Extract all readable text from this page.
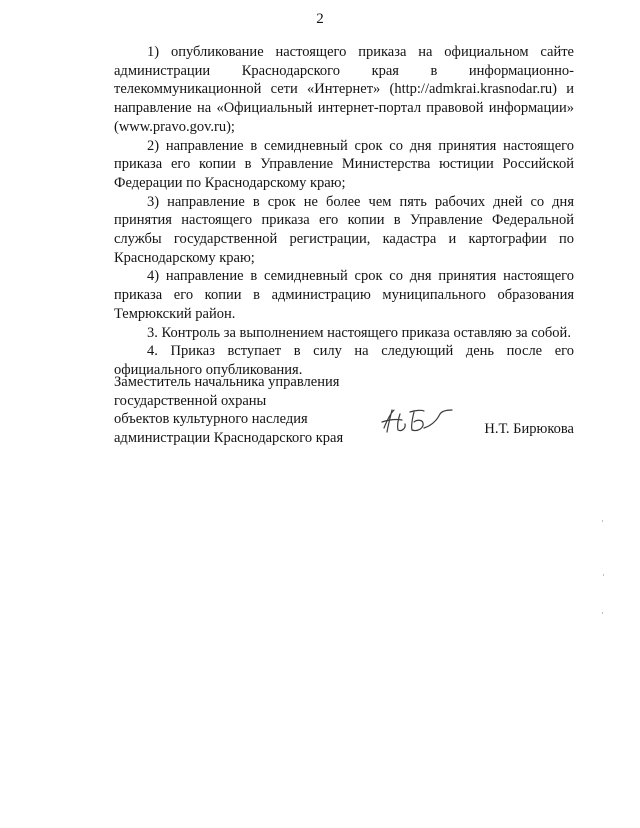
2

1) опубликование настоящего приказа на официальном сайте администрации Краснодарского края в информационно-телекоммуникационной сети «Интернет» (http://admkrai.krasnodar.ru) и направление на «Официальный интернет-портал правовой информации» (www.pravo.gov.ru);

2) направление в семидневный срок со дня принятия настоящего приказа его копии в Управление Министерства юстиции Российской Федерации по Краснодарскому краю;

3) направление в срок не более чем пять рабочих дней со дня принятия настоящего приказа его копии в Управление Федеральной службы государственной регистрации, кадастра и картографии по Краснодарскому краю;

4) направление в семидневный срок со дня принятия настоящего приказа его копии в администрацию муниципального образования Темрюкский район.

3. Контроль за выполнением настоящего приказа оставляю за собой.

4. Приказ вступает в силу на следующий день после его официального опубликования.

Заместитель начальника управления

государственной охраны

объектов культурного наследия

администрации Краснодарского края

Н.Т. Бирюкова
